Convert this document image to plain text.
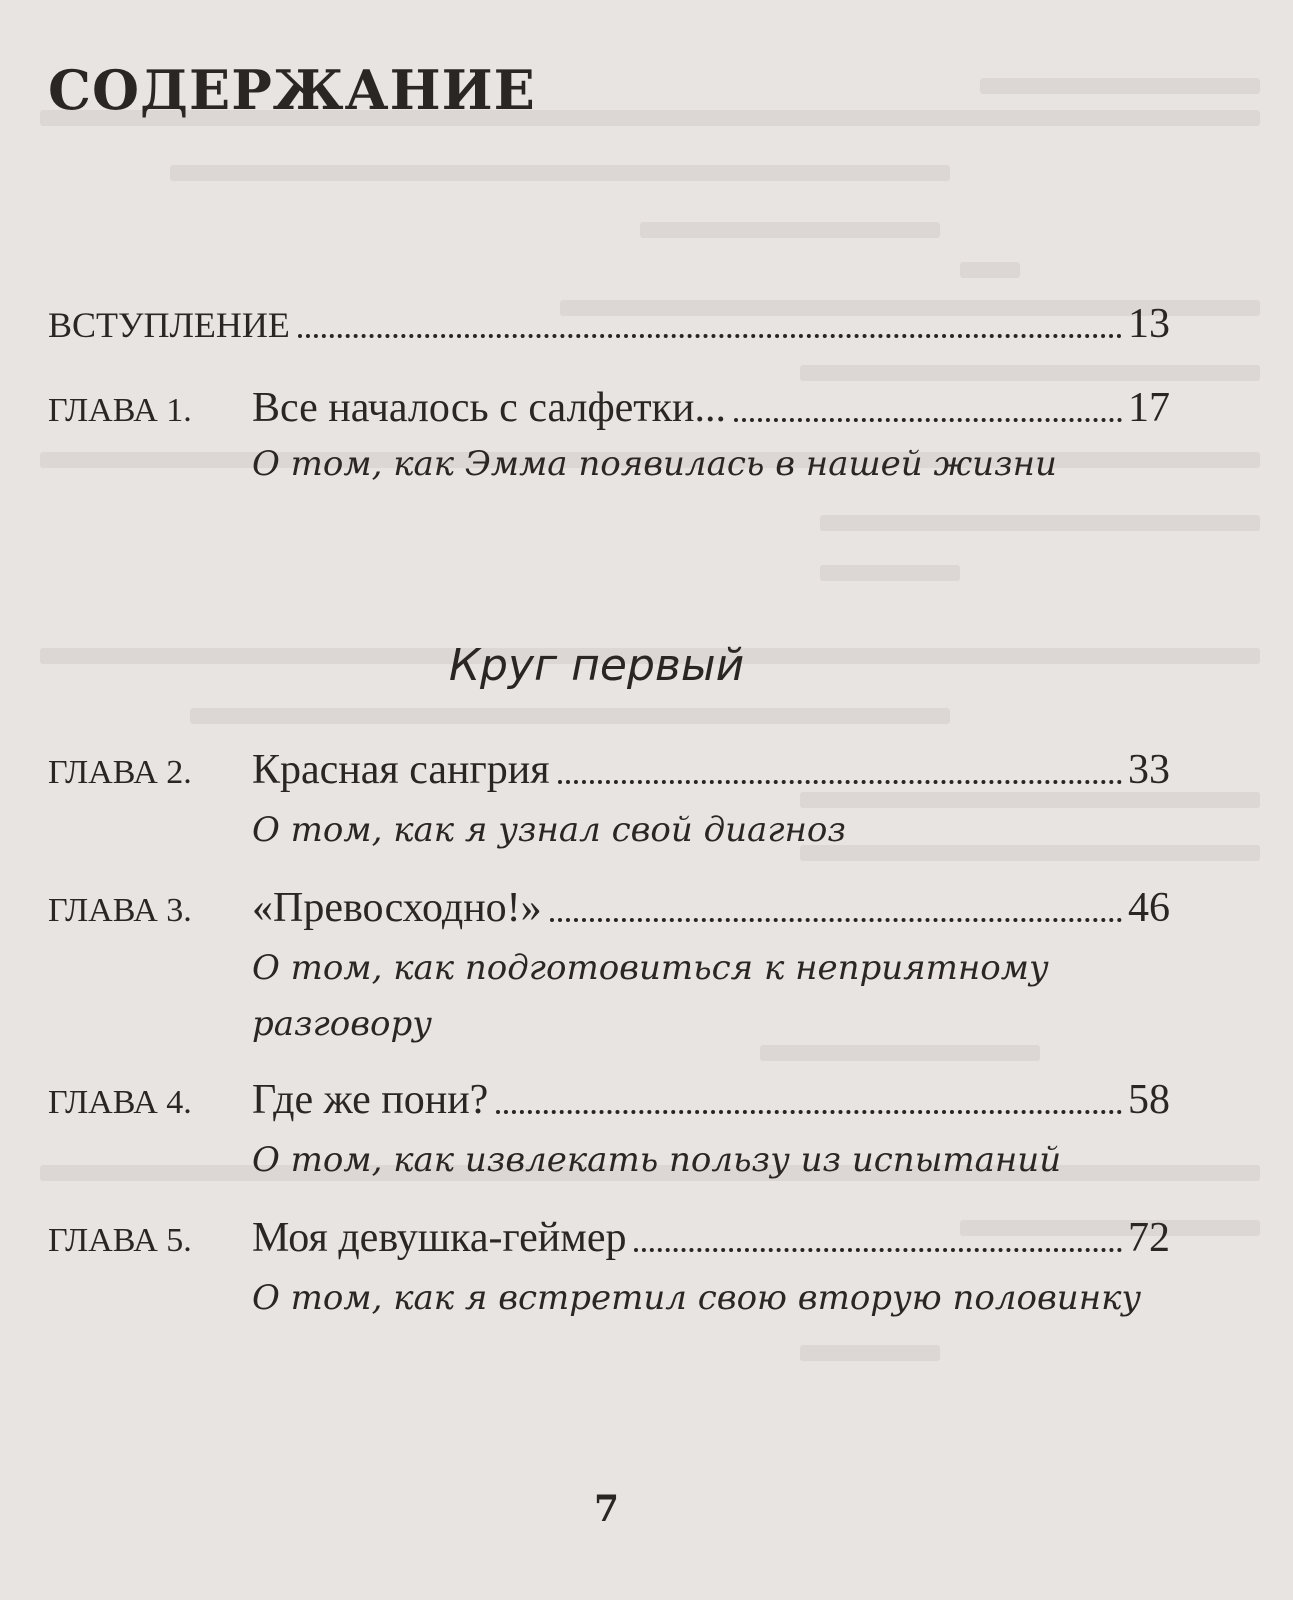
СОДЕРЖАНИЕ
ВСТУПЛЕНИЕ	13
ГЛАВА 1.	Все началось с салфетки...	17
О том, как Эмма появилась в нашей жизни
Круг первый
ГЛАВА 2.	Красная сангрия	33
О том, как я узнал свой диагноз
ГЛАВА 3.	«Превосходно!»	46
О том, как подготовиться к неприятному разговору
ГЛАВА 4.	Где же пони?	58
О том, как извлекать пользу из испытаний
ГЛАВА 5.	Моя девушка-геймер	72
О том, как я встретил свою вторую половинку
7
